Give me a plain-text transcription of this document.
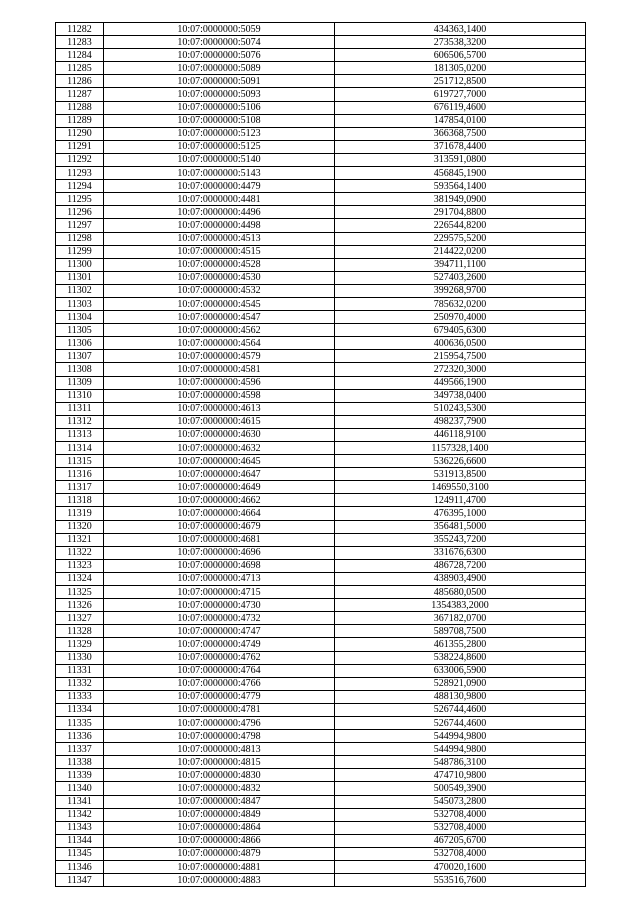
11282	10:07:0000000:5059	434363,1400
11283	10:07:0000000:5074	273538,3200
11284	10:07:0000000:5076	606506,5700
11285	10:07:0000000:5089	181305,0200
11286	10:07:0000000:5091	251712,8500
11287	10:07:0000000:5093	619727,7000
11288	10:07:0000000:5106	676119,4600
11289	10:07:0000000:5108	147854,0100
11290	10:07:0000000:5123	366368,7500
11291	10:07:0000000:5125	371678,4400
11292	10:07:0000000:5140	313591,0800
11293	10:07:0000000:5143	456845,1900
11294	10:07:0000000:4479	593564,1400
11295	10:07:0000000:4481	381949,0900
11296	10:07:0000000:4496	291704,8800
11297	10:07:0000000:4498	226544,8200
11298	10:07:0000000:4513	229575,5200
11299	10:07:0000000:4515	214422,0200
11300	10:07:0000000:4528	394711,1100
11301	10:07:0000000:4530	527403,2600
11302	10:07:0000000:4532	399268,9700
11303	10:07:0000000:4545	785632,0200
11304	10:07:0000000:4547	250970,4000
11305	10:07:0000000:4562	679405,6300
11306	10:07:0000000:4564	400636,0500
11307	10:07:0000000:4579	215954,7500
11308	10:07:0000000:4581	272320,3000
11309	10:07:0000000:4596	449566,1900
11310	10:07:0000000:4598	349738,0400
11311	10:07:0000000:4613	510243,5300
11312	10:07:0000000:4615	498237,7900
11313	10:07:0000000:4630	446118,9100
11314	10:07:0000000:4632	1157328,1400
11315	10:07:0000000:4645	536226,6600
11316	10:07:0000000:4647	531913,8500
11317	10:07:0000000:4649	1469550,3100
11318	10:07:0000000:4662	124911,4700
11319	10:07:0000000:4664	476395,1000
11320	10:07:0000000:4679	356481,5000
11321	10:07:0000000:4681	355243,7200
11322	10:07:0000000:4696	331676,6300
11323	10:07:0000000:4698	486728,7200
11324	10:07:0000000:4713	438903,4900
11325	10:07:0000000:4715	485680,0500
11326	10:07:0000000:4730	1354383,2000
11327	10:07:0000000:4732	367182,0700
11328	10:07:0000000:4747	589708,7500
11329	10:07:0000000:4749	461355,2800
11330	10:07:0000000:4762	538224,8600
11331	10:07:0000000:4764	633006,5900
11332	10:07:0000000:4766	528921,0900
11333	10:07:0000000:4779	488130,9800
11334	10:07:0000000:4781	526744,4600
11335	10:07:0000000:4796	526744,4600
11336	10:07:0000000:4798	544994,9800
11337	10:07:0000000:4813	544994,9800
11338	10:07:0000000:4815	548786,3100
11339	10:07:0000000:4830	474710,9800
11340	10:07:0000000:4832	500549,3900
11341	10:07:0000000:4847	545073,2800
11342	10:07:0000000:4849	532708,4000
11343	10:07:0000000:4864	532708,4000
11344	10:07:0000000:4866	467205,6700
11345	10:07:0000000:4879	532708,4000
11346	10:07:0000000:4881	470020,1600
11347	10:07:0000000:4883	553516,7600
